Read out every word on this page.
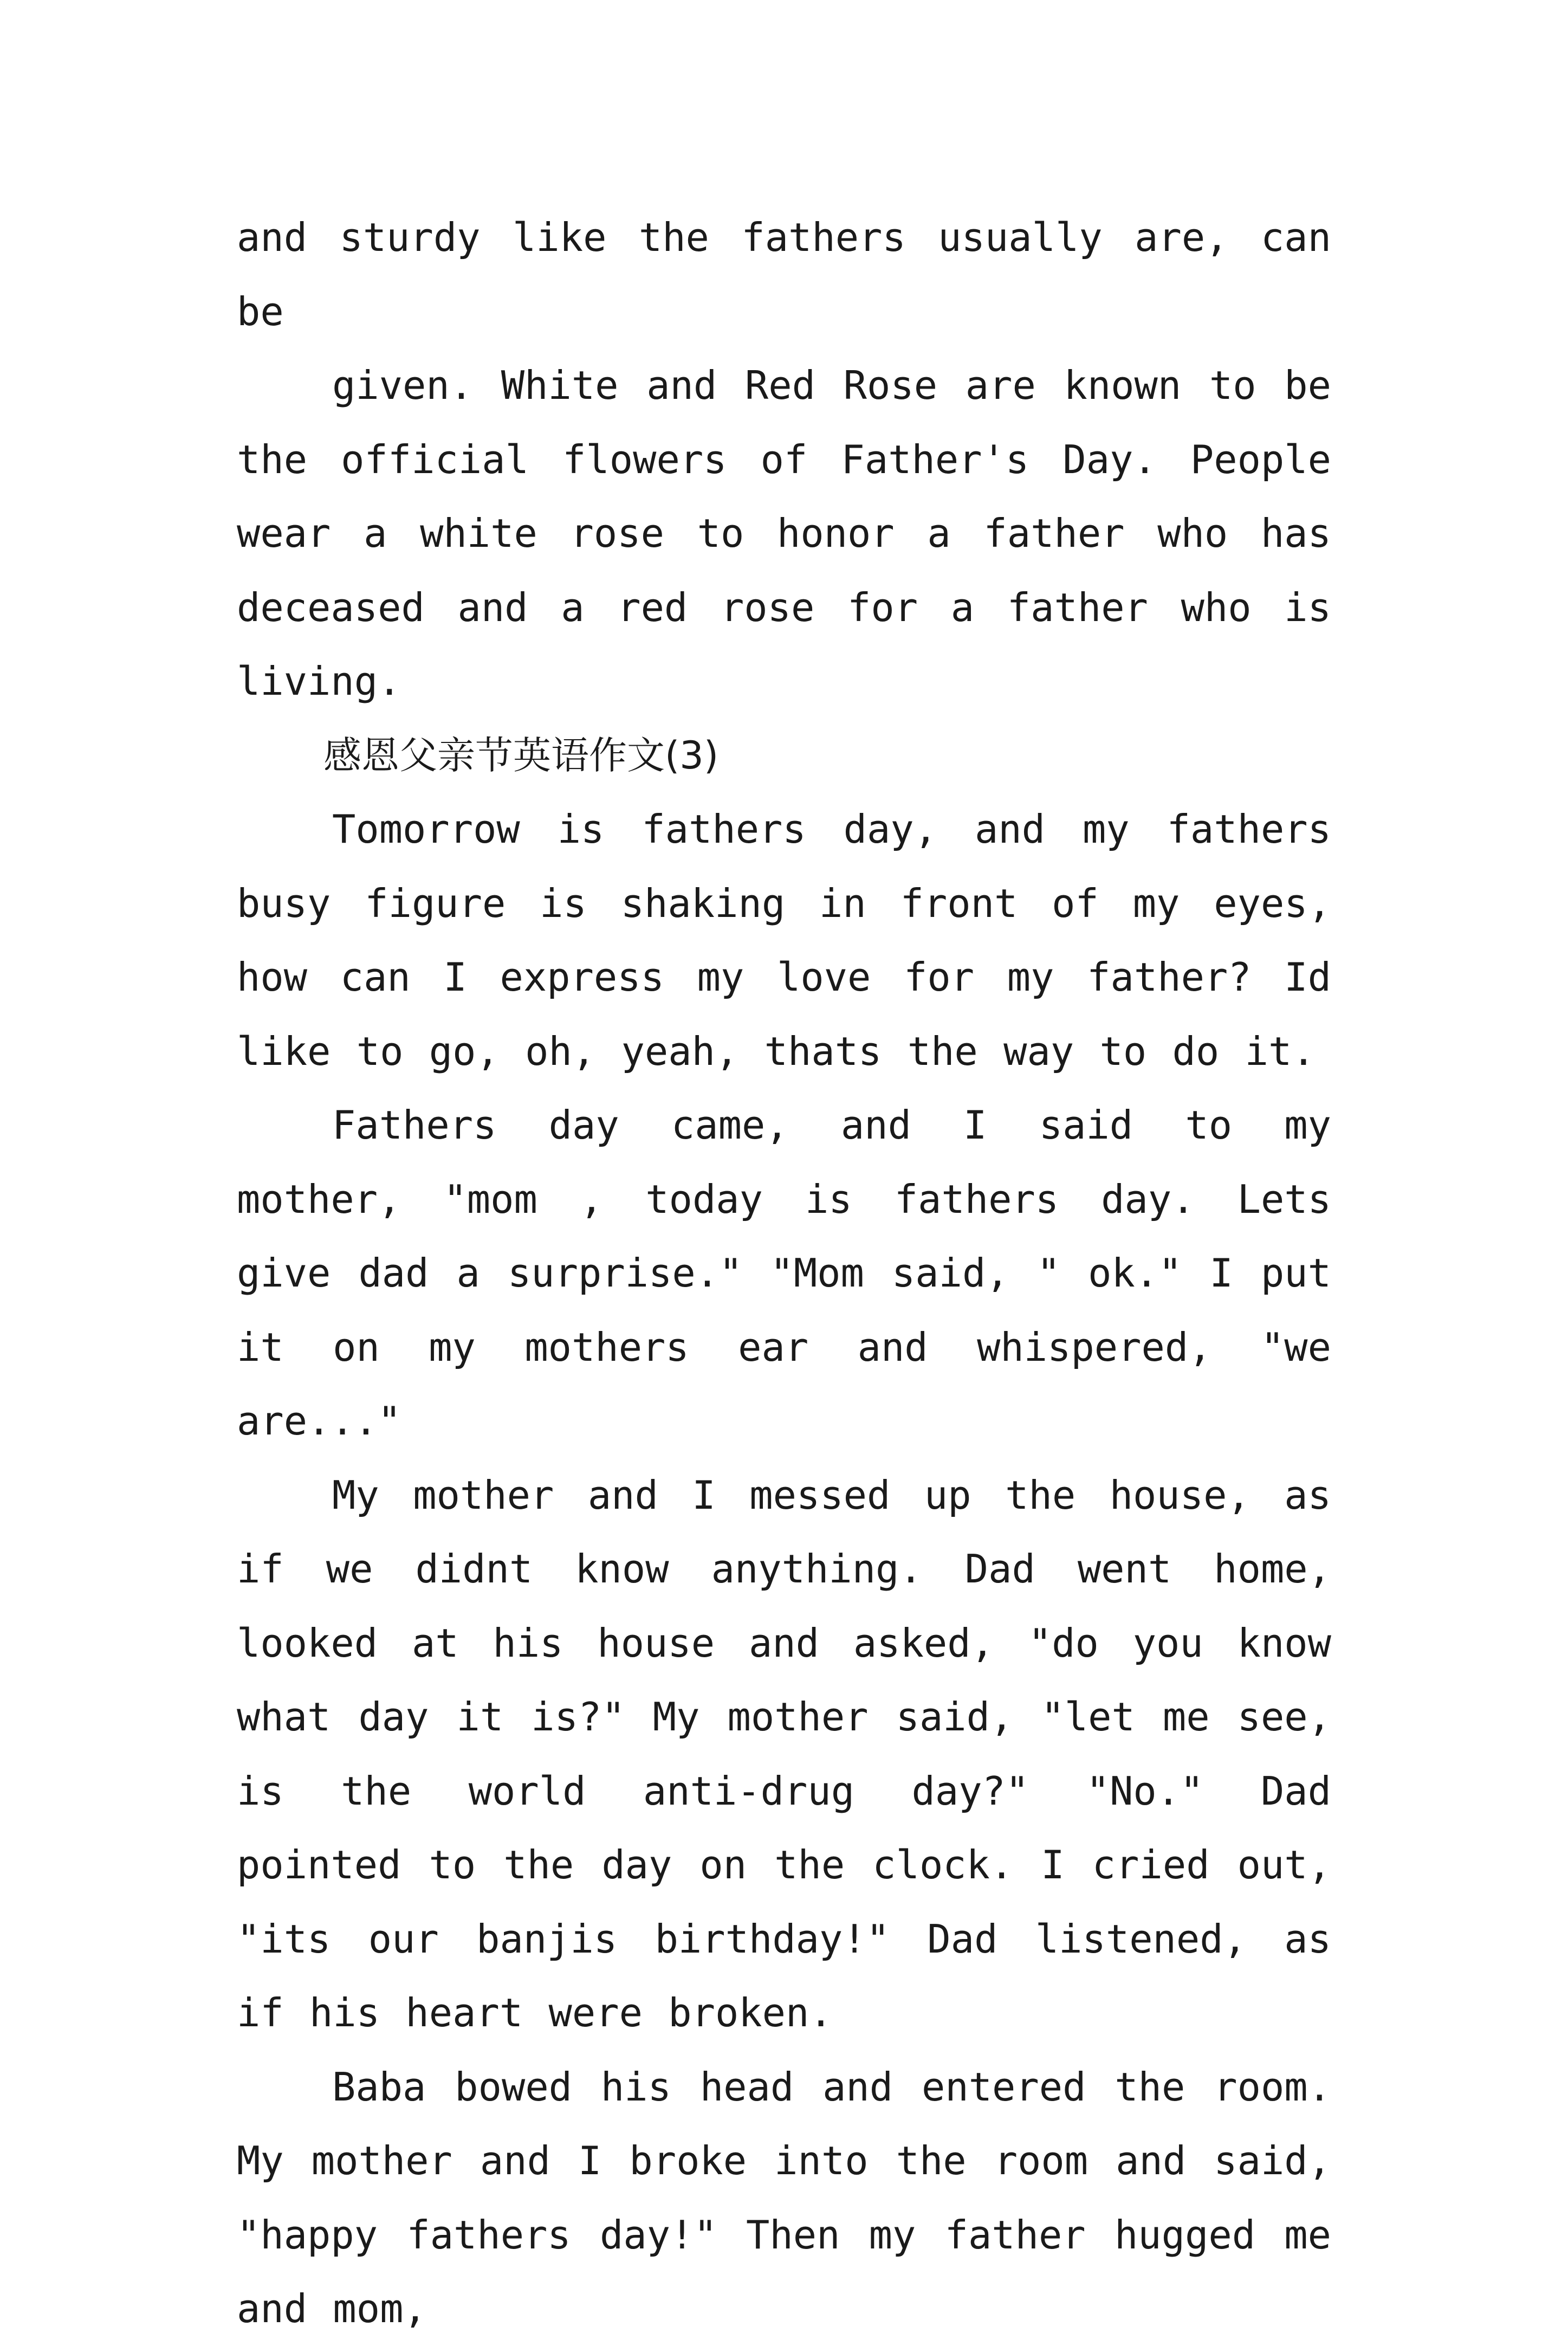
and sturdy like the fathers usually are, can be

given. White and Red Rose are known to be the official flowers of Father's Day. People wear a white rose to honor a father who has deceased and a red rose for a father who is living.

感恩父亲节英语作文(3)

Tomorrow is fathers day, and my fathers busy figure is shaking in front of my eyes, how can I express my love for my father? Id like to go, oh, yeah, thats the way to do it.

Fathers day came, and I said to my mother, "mom , today is fathers day. Lets give dad a surprise." "Mom said, " ok." I put it on my mothers ear and whispered, "we are..."

My mother and I messed up the house, as if we didnt know anything. Dad went home, looked at his house and asked, "do you know what day it is?" My mother said, "let me see, is the world anti-drug day?" "No." Dad pointed to the day on the clock. I cried out, "its our banjis birthday!" Dad listened, as if his heart were broken.

Baba bowed his head and entered the room. My mother and I broke into the room and said, "happy fathers day!" Then my father hugged me and mom,
